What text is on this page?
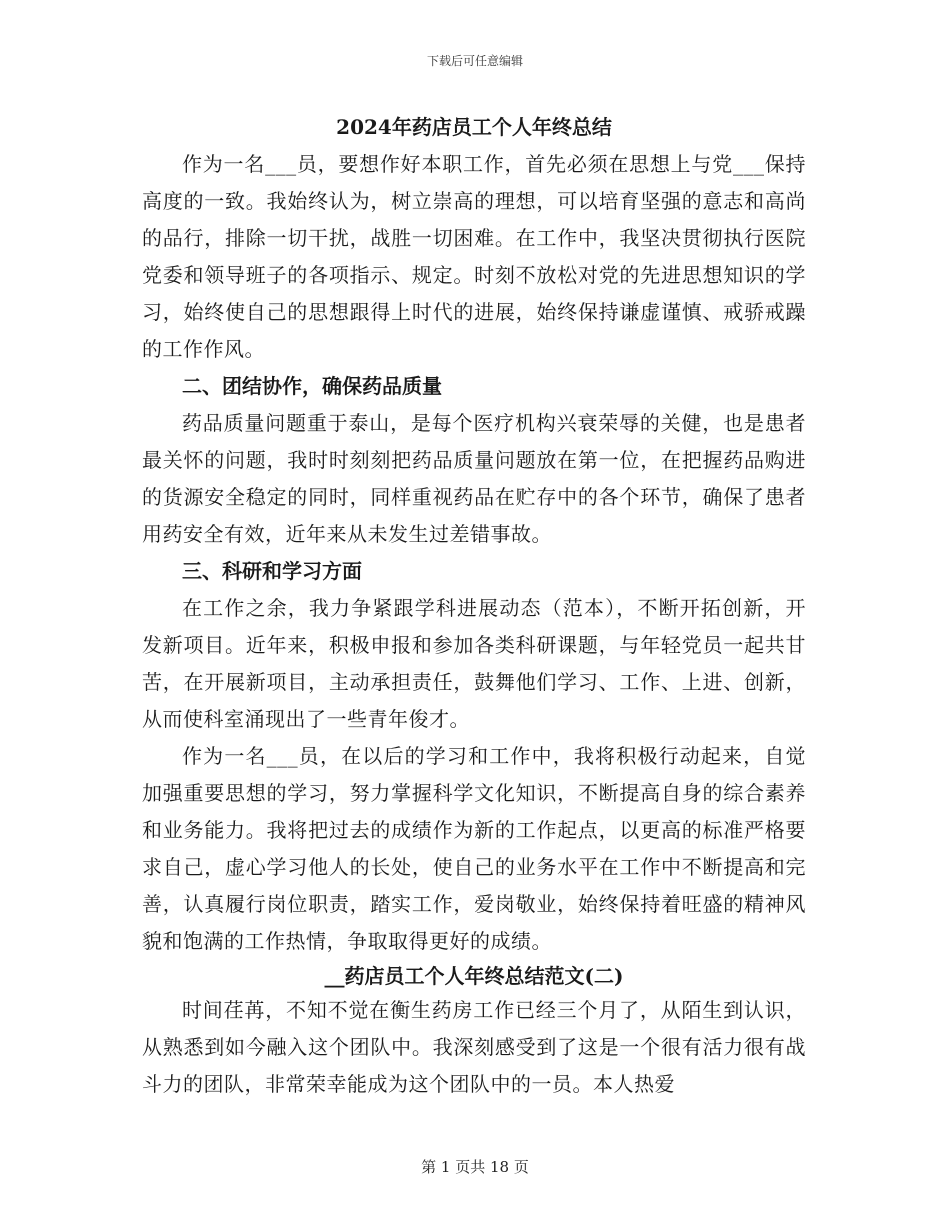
下载后可任意编辑

2024年药店员工个人年终总结

作为一名___员，要想作好本职工作，首先必须在思想上与党___保持高度的一致。我始终认为，树立崇高的理想，可以培育坚强的意志和高尚的品行，排除一切干扰，战胜一切困难。在工作中，我坚决贯彻执行医院党委和领导班子的各项指示、规定。时刻不放松对党的先进思想知识的学习，始终使自己的思想跟得上时代的进展，始终保持谦虚谨慎、戒骄戒躁的工作作风。

二、团结协作，确保药品质量

药品质量问题重于泰山，是每个医疗机构兴衰荣辱的关健，也是患者最关怀的问题，我时时刻刻把药品质量问题放在第一位，在把握药品购进的货源安全稳定的同时，同样重视药品在贮存中的各个环节，确保了患者用药安全有效，近年来从未发生过差错事故。

三、科研和学习方面

在工作之余，我力争紧跟学科进展动态（范本），不断开拓创新，开发新项目。近年来，积极申报和参加各类科研课题，与年轻党员一起共甘苦，在开展新项目，主动承担责任，鼓舞他们学习、工作、上进、创新，从而使科室涌现出了一些青年俊才。

作为一名___员，在以后的学习和工作中，我将积极行动起来，自觉加强重要思想的学习，努力掌握科学文化知识，不断提高自身的综合素养和业务能力。我将把过去的成绩作为新的工作起点，以更高的标准严格要求自己，虚心学习他人的长处，使自己的业务水平在工作中不断提高和完善，认真履行岗位职责，踏实工作，爱岗敬业，始终保持着旺盛的精神风貌和饱满的工作热情，争取取得更好的成绩。

__药店员工个人年终总结范文(二)

时间荏苒，不知不觉在衡生药房工作已经三个月了，从陌生到认识，从熟悉到如今融入这个团队中。我深刻感受到了这是一个很有活力很有战斗力的团队，非常荣幸能成为这个团队中的一员。本人热爱

第 1 页共 18 页
